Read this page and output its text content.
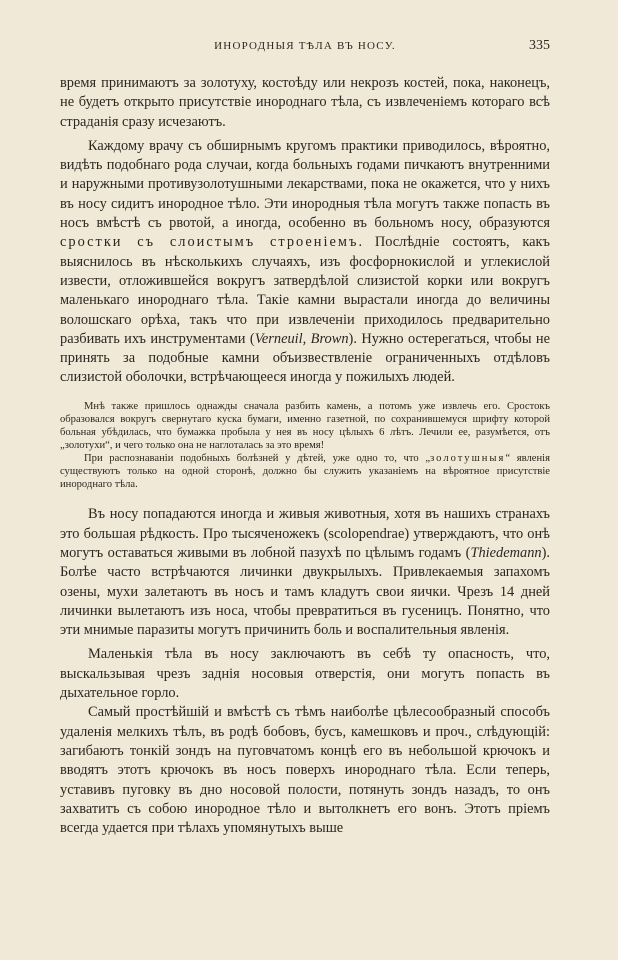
ИНОРОДНЫЯ ТѢЛА ВЪ НОСУ.	335

время принимаютъ за золотуху, костоѣду или некрозъ костей, пока, наконецъ, не будетъ открыто присутствіе инороднаго тѣла, съ извлеченіемъ котораго всѣ страданія сразу исчезаютъ.

Каждому врачу съ обширнымъ кругомъ практики приводилось, вѣроятно, видѣть подобнаго рода случаи, когда больныхъ годами пичкаютъ внутренними и наружными противузолотушными лекарствами, пока не окажется, что у нихъ въ носу сидитъ инородное тѣло. Эти инородныя тѣла могутъ также попасть въ носъ вмѣстѣ съ рвотой, а иногда, особенно въ больномъ носу, образуются сростки съ слоистымъ строеніемъ. Послѣдніе состоятъ, какъ выяснилось въ нѣсколькихъ случаяхъ, изъ фосфорнокислой и углекислой извести, отложившейся вокругъ затвердѣлой слизистой корки или вокругъ маленькаго инороднаго тѣла. Такіе камни вырастали иногда до величины волошскаго орѣха, такъ что при извлеченіи приходилось предварительно разбивать ихъ инструментами (Verneuil, Brown). Нужно остерегаться, чтобы не принять за подобные камни объизвествленіе ограниченныхъ отдѣловъ слизистой оболочки, встрѣчающееся иногда у пожилыхъ людей.

Мнѣ также пришлось однажды сначала разбить камень, а потомъ уже извлечь его. Сростокъ образовался вокругъ свернутаго куска бумаги, именно газетной, по сохранившемуся шрифту которой больная убѣдилась, что бумажка пробыла у нея въ носу цѣлыхъ 6 лѣтъ. Лечили ее, разумѣется, отъ „золотухи“, и чего только она не наглоталась за это время!

При распознаваніи подобныхъ болѣзней у дѣтей, уже одно то, что „золотушныя“ явленія существуютъ только на одной сторонѣ, должно бы служить указаніемъ на вѣроятное присутствіе инороднаго тѣла.

Въ носу попадаются иногда и живыя животныя, хотя въ нашихъ странахъ это большая рѣдкость. Про тысяченожекъ (scolopendrae) утверждаютъ, что онѣ могутъ оставаться живыми въ лобной пазухѣ по цѣлымъ годамъ (Thiedemann). Болѣе часто встрѣчаются личинки двукрылыхъ. Привлекаемыя запахомъ озены, мухи залетаютъ въ носъ и тамъ кладутъ свои яички. Чрезъ 14 дней личинки вылетаютъ изъ носа, чтобы превратиться въ гусеницъ. Понятно, что эти мнимые паразиты могутъ причинить боль и воспалительныя явленія.

Маленькія тѣла въ носу заключаютъ въ себѣ ту опасность, что, выскальзывая чрезъ заднія носовыя отверстія, они могутъ попасть въ дыхательное горло.

Самый простѣйшій и вмѣстѣ съ тѣмъ наиболѣе цѣлесообразный способъ удаленія мелкихъ тѣлъ, въ родѣ бобовъ, бусъ, камешковъ и проч., слѣдующій: загибаютъ тонкій зондъ на пуговчатомъ концѣ его въ небольшой крючокъ и вводятъ этотъ крючокъ въ носъ поверхъ инороднаго тѣла. Если теперь, уставивъ пуговку въ дно носовой полости, потянуть зондъ назадъ, то онъ захватитъ съ собою инородное тѣло и вытолкнетъ его вонъ. Этотъ пріемъ всегда удается при тѣлахъ упомянутыхъ выше
